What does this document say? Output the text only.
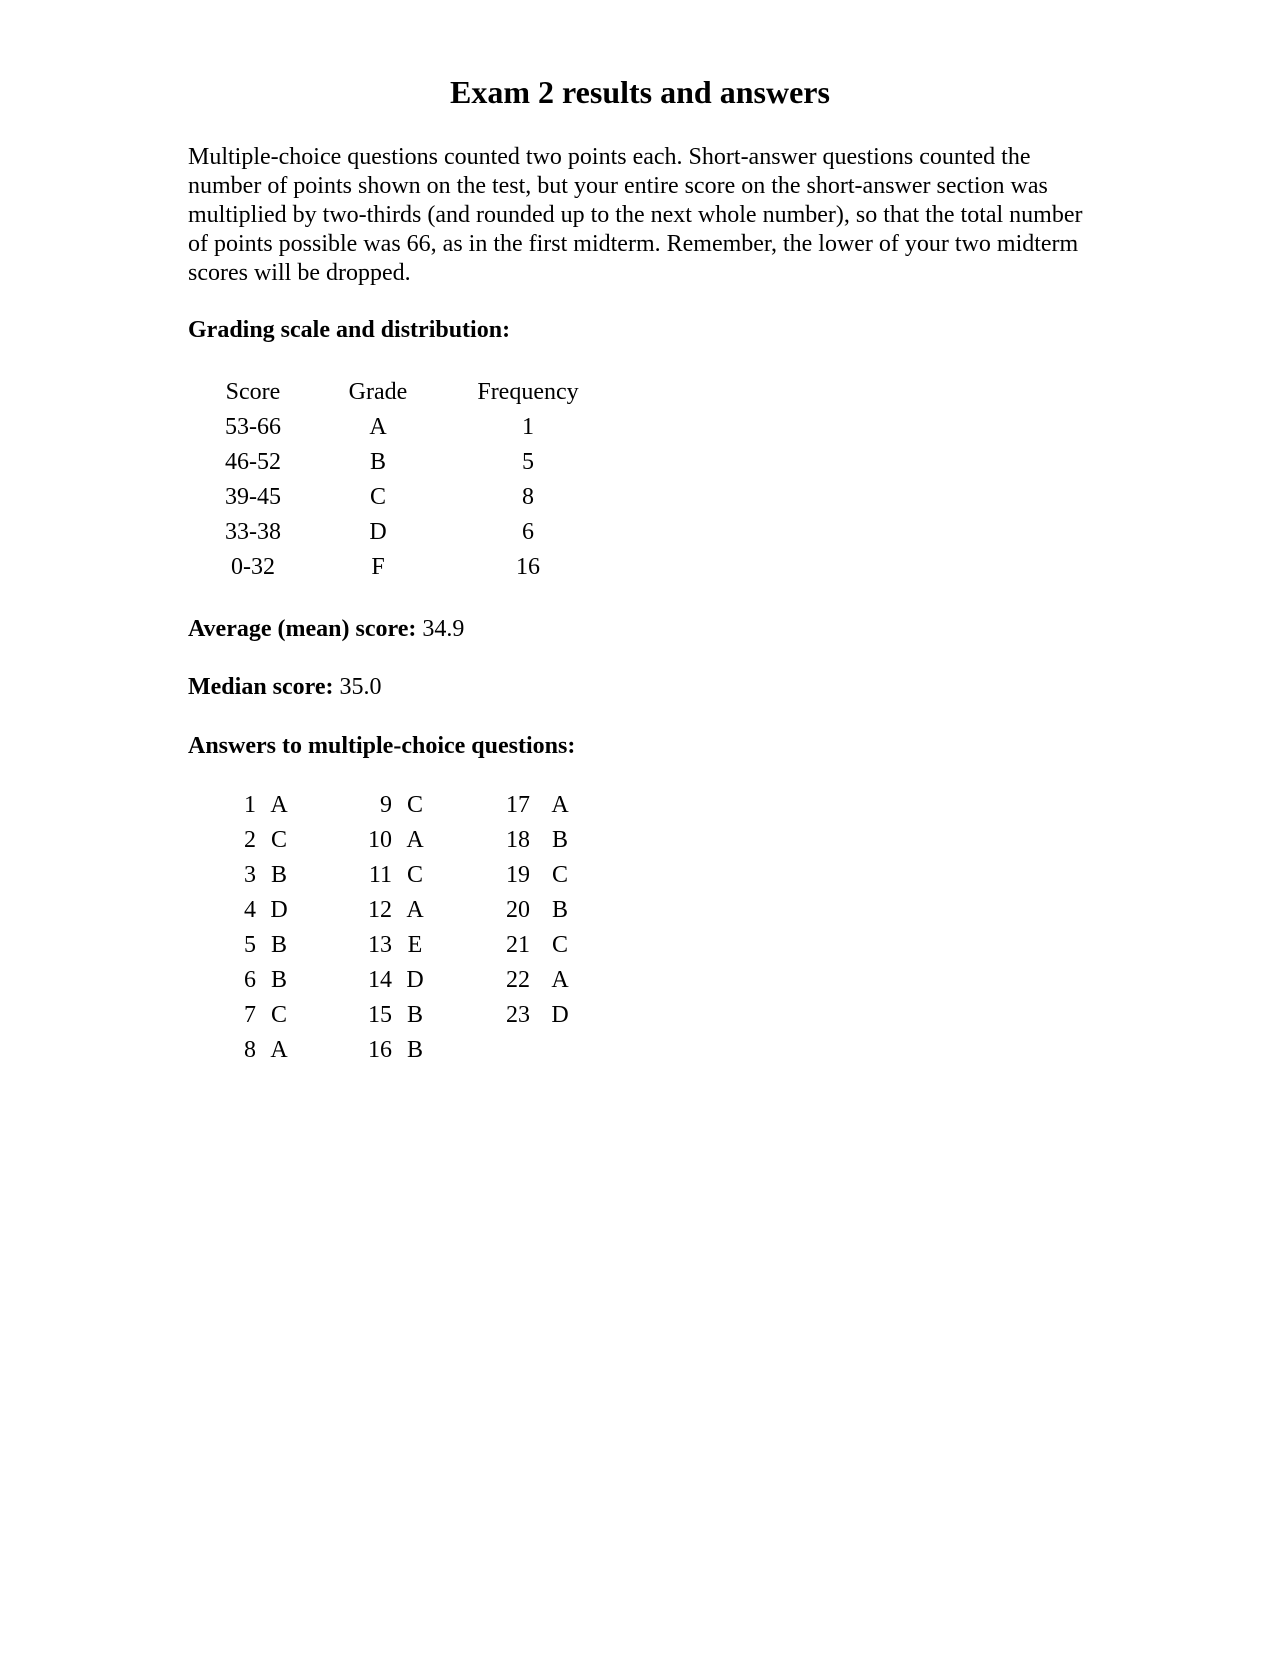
Exam 2 results and answers

Multiple-choice questions counted two points each. Short-answer questions counted the number of points shown on the test, but your entire score on the short-answer section was multiplied by two-thirds (and rounded up to the next whole number), so that the total number of points possible was 66, as in the first midterm. Remember, the lower of your two midterm scores will be dropped.

Grading scale and distribution:

Score	Grade	Frequency
53-66	A	1
46-52	B	5
39-45	C	8
33-38	D	6
0-32	F	16

Average (mean) score: 34.9

Median score: 35.0

Answers to multiple-choice questions:

1	A		9	C		17	A
2	C		10	A		18	B
3	B		11	C		19	C
4	D		12	A		20	B
5	B		13	E		21	C
6	B		14	D		22	A
7	C		15	B		23	D
8	A		16	B			
